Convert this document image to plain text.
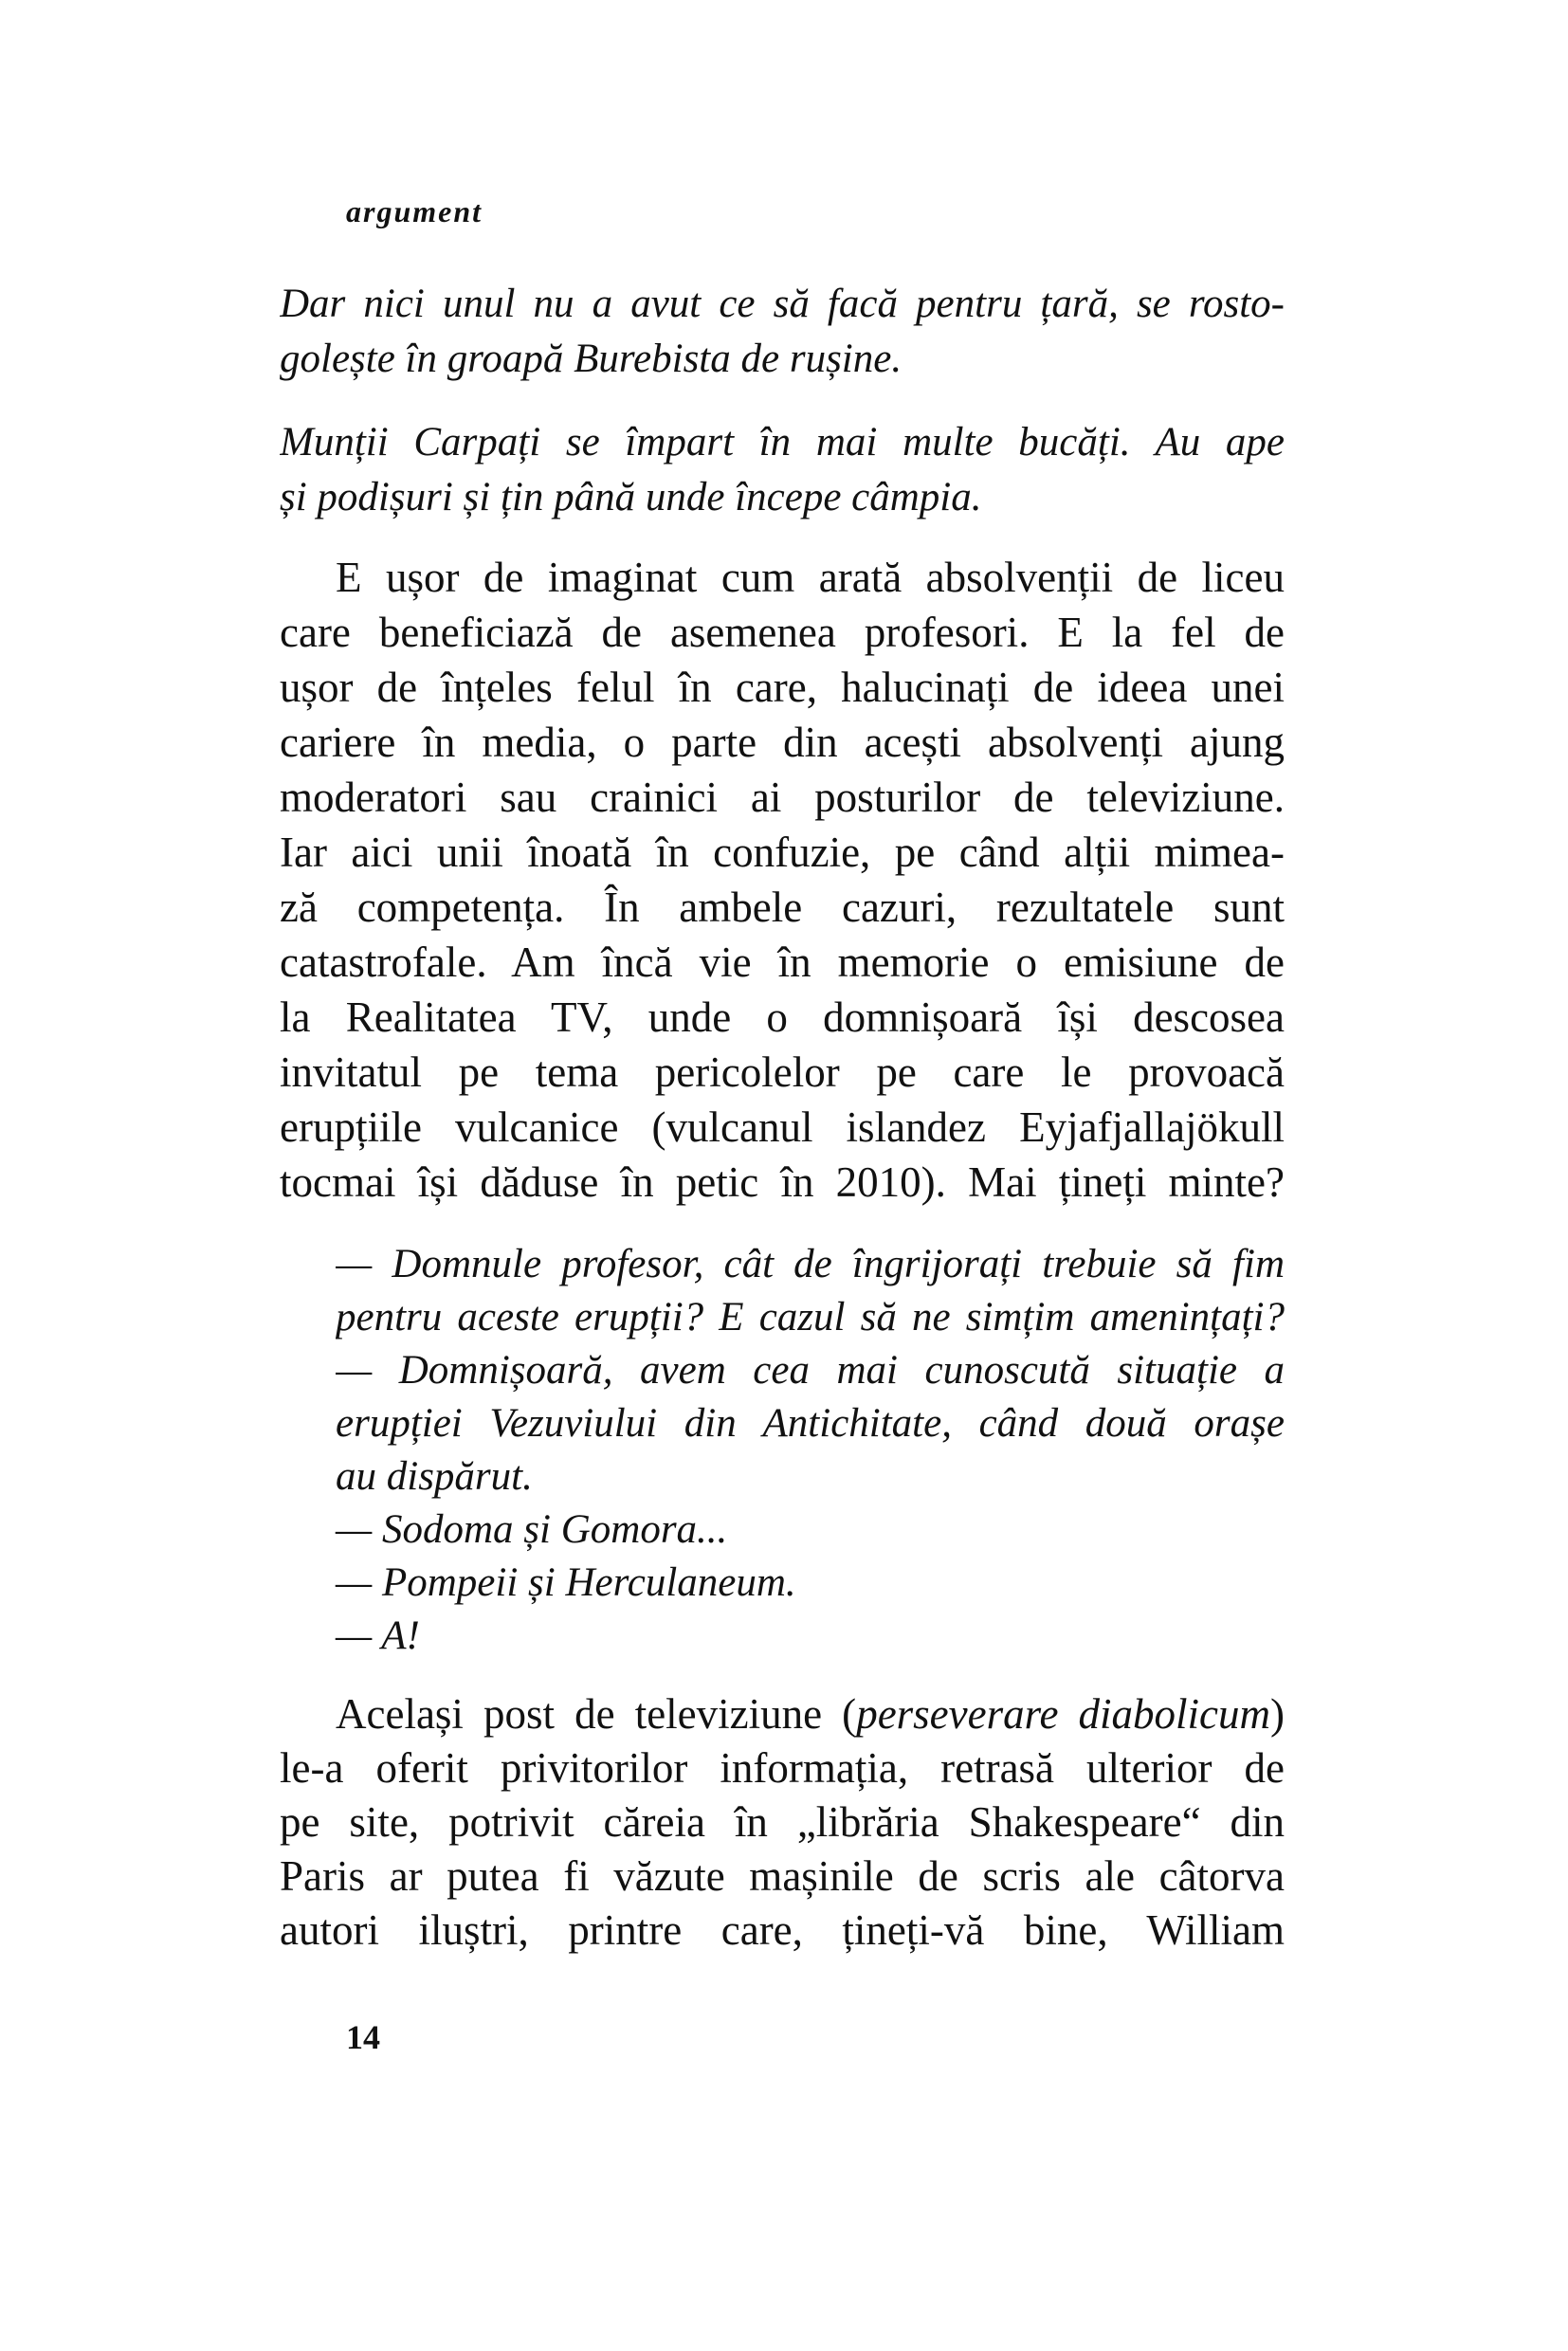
argument
Dar nici unul nu a avut ce să facă pentru țară, se rosto-
golește în groapă Burebista de rușine.
Munții Carpați se împart în mai multe bucăți. Au ape
și podișuri și țin până unde începe câmpia.
E ușor de imaginat cum arată absolvenții de liceu
care beneficiază de asemenea profesori. E la fel de
ușor de înțeles felul în care, halucinați de ideea unei
cariere în media, o parte din acești absolvenți ajung
moderatori sau crainici ai posturilor de televiziune.
Iar aici unii înoată în confuzie, pe când alții mimea-
ză competența. În ambele cazuri, rezultatele sunt
catastrofale. Am încă vie în memorie o emisiune de
la Realitatea TV, unde o domnișoară își descosea
invitatul pe tema pericolelor pe care le provoacă
erupțiile vulcanice (vulcanul islandez Eyjafjallajökull
tocmai își dăduse în petic în 2010). Mai țineți minte?
— Domnule profesor, cât de îngrijorați trebuie să fim
pentru aceste erupții? E cazul să ne simțim amenințați?
— Domnișoară, avem cea mai cunoscută situație a
erupției Vezuviului din Antichitate, când două orașe
au dispărut.
— Sodoma și Gomora...
— Pompeii și Herculaneum.
— A!
Același post de televiziune (perseverare diabolicum)
le-a oferit privitorilor informația, retrasă ulterior de
pe site, potrivit căreia în „librăria Shakespeare“ din
Paris ar putea fi văzute mașinile de scris ale câtorva
autori iluștri, printre care, țineți-vă bine, William
14
